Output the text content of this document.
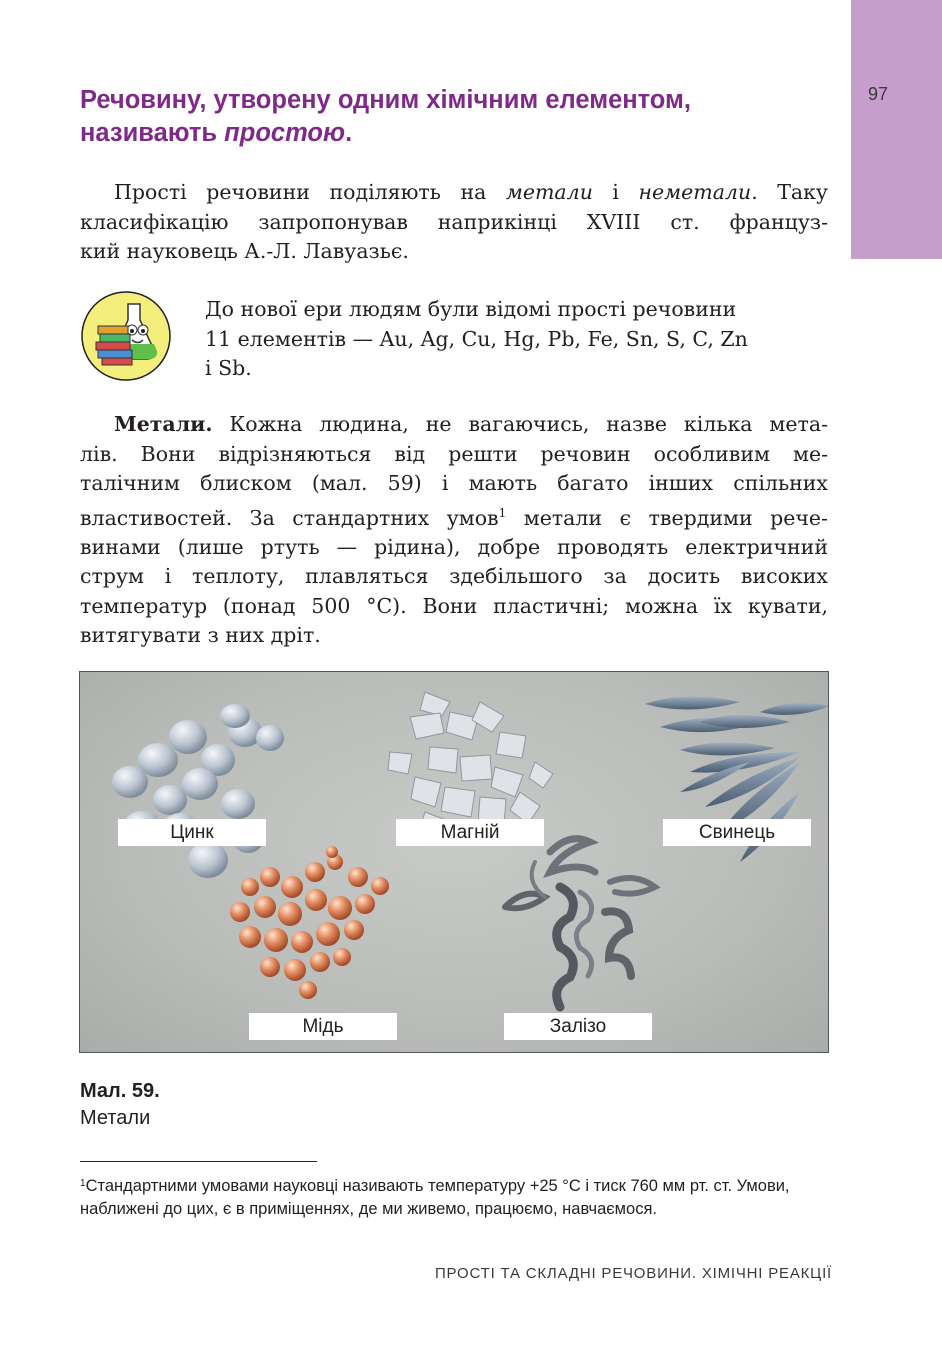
97
Речовину, утворену одним хімічним елементом,
називають простою.
Прості речовини поділяють на метали і неметали. Таку
класифікацію запропонував наприкінці XVIII ст. француз-
кий науковець А.-Л. Лавуазьє.
До нової ери людям були відомі прості речовини
11 елементів — Au, Ag, Cu, Hg, Pb, Fe, Sn, S, C, Zn
і Sb.
Метали. Кожна людина, не вагаючись, назве кілька мета-
лів. Вони відрізняються від решти речовин особливим ме-
талічним блиском (мал. 59) і мають багато інших спільних
властивостей. За стандартних умов$^1$ метали є твердими рече-
винами (лише ртуть — рідина), добре проводять електричний
струм і теплоту, плавляться здебільшого за досить високих
температур (понад 500 °С). Вони пластичні; можна їх кувати,
витягувати з них дріт.
Цинк	Магній	Свинець
Мідь	Залізо
Мал. 59.
Метали

$^1$Стандартними умовами науковці називають температуру +25 °С і тиск 760 мм рт. ст. Умови, наближені до цих, є в приміщеннях, де ми живемо, працюємо, навчаємося.

ПРОСТІ ТА СКЛАДНІ РЕЧОВИНИ. ХІМІЧНІ РЕАКЦІЇ
